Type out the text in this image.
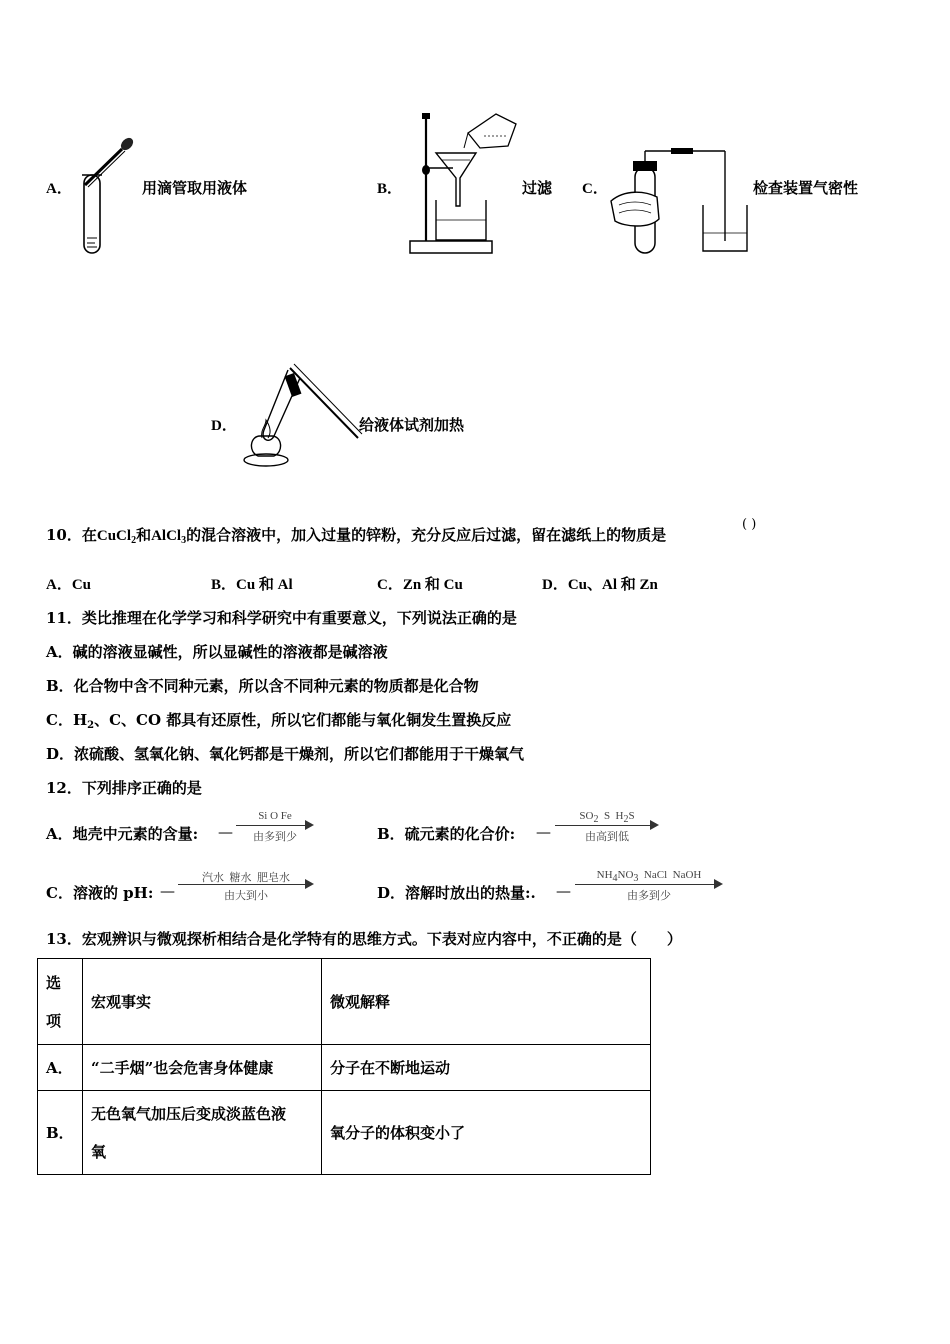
A．	用滴管取用液体	B．	过滤 C．	检查装置气密性
D．	给液体试剂加热
10．在CuCl$_2$和AlCl$_3$的混合溶液中，加入过量的锌粉，充分反应后过滤，留在滤纸上的物质是
( )
A．Cu	B．Cu 和 Al	C．Zn 和 Cu	D．Cu、Al 和 Zn
11．类比推理在化学学习和科学研究中有重要意义，下列说法正确的是
A．碱的溶液显碱性，所以显碱性的溶液都是碱溶液
B．化合物中含不同种元素，所以含不同种元素的物质都是化合物
C．$H_2$、C、CO 都具有还原性，所以它们都能与氧化铜发生置换反应
D．浓硫酸、氢氧化钠、氧化钙都是干燥剂，所以它们都能用于干燥氧气
12．下列排序正确的是
A．地壳中元素的含量: —
Si O Fe
由多到少	B．硫元素的化合价: —
$SO_2$  S  $H_2S$
由高到低
C．溶液的 pH: —
汽水  糖水  肥皂水
由大到小	D．溶解时放出的热量:. —
$NH_4NO_3$  NaCl  NaOH
由多到少
13．宏观辨识与微观探析相结合是化学特有的思维方式。下表对应内容中，不正确的是（　　）
选
项	宏观事实	微观解释
A．	“二手烟”也会危害身体健康	分子在不断地运动
B．	无色氧气加压后变成淡蓝色液
氧	氧分子的体积变小了
